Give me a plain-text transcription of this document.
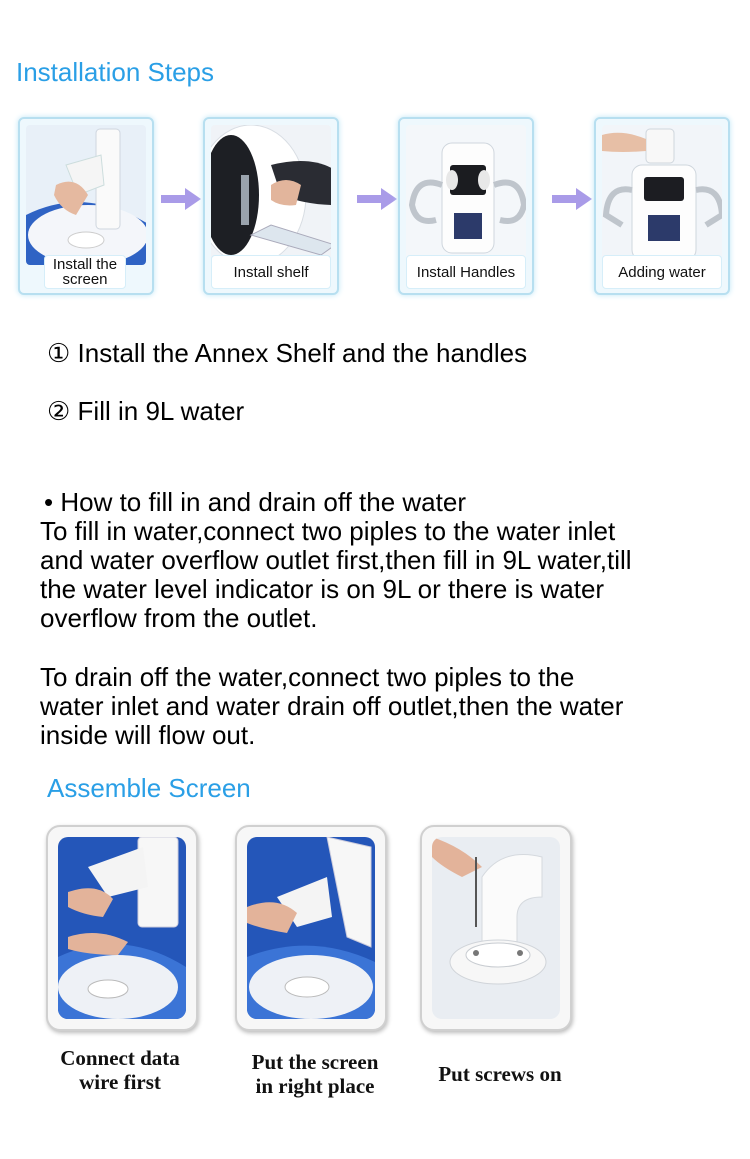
Installation Steps
Install the screen	Install shelf	Install Handles	Adding water
① Install the Annex Shelf and the handles
② Fill in 9L water
• How to fill in and drain off the water
To fill in water,connect two piples to the water inlet
and water overflow outlet first,then fill in 9L water,till
the water level indicator is on 9L or there is water
overflow from the outlet.
To drain off the water,connect two piples to the
water inlet and water drain off outlet,then the water
inside will flow out.
Assemble Screen
Connect data
wire first
Put the screen
in right place	Put screws on
